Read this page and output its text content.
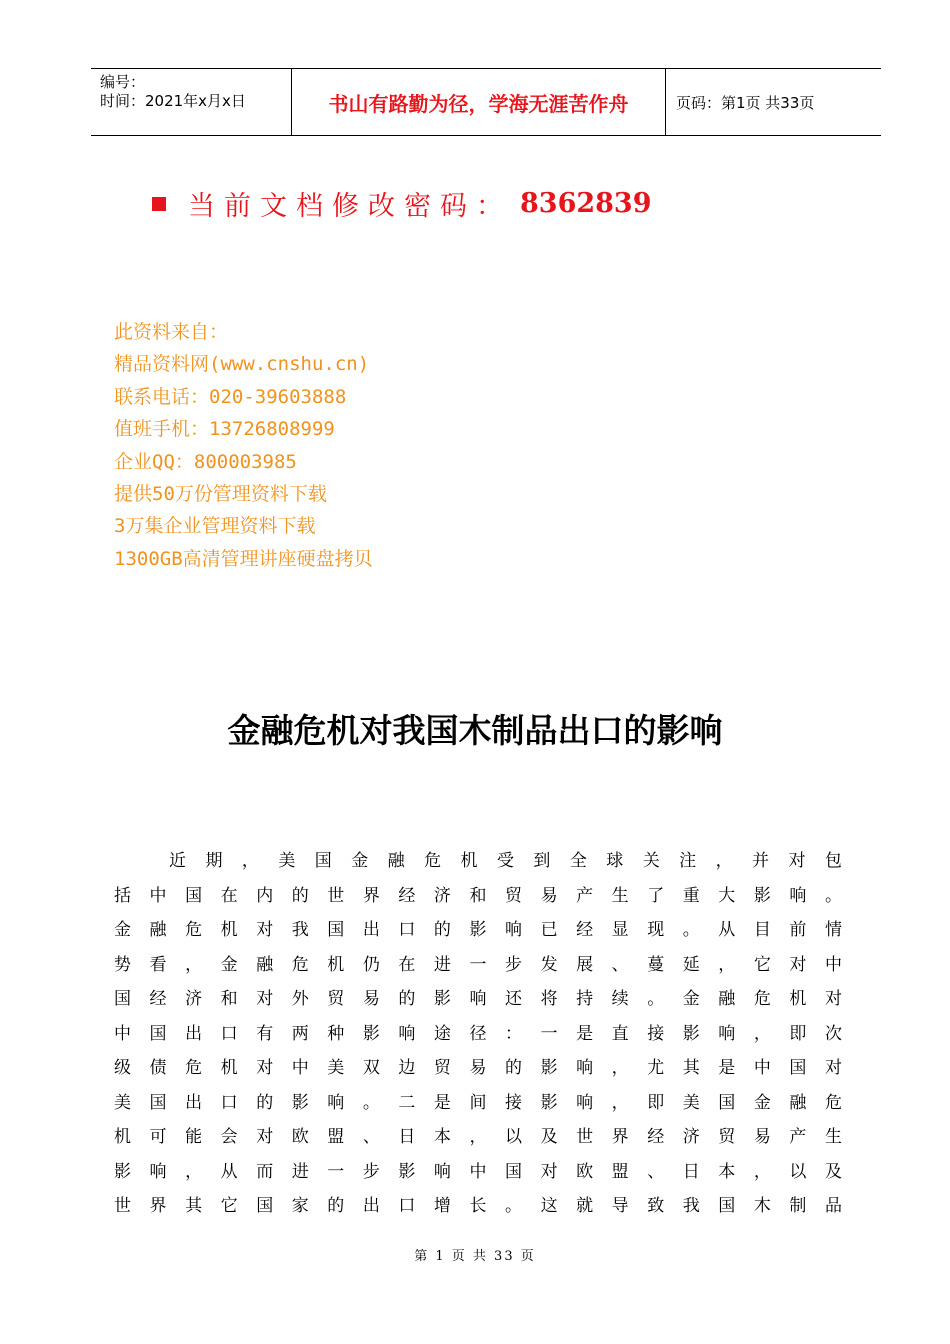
编号：
时间：2021年x月x日	书山有路勤为径，学海无涯苦作舟	页码：第1页 共33页
当前文档修改密码： 8362839
此资料来自：
精品资料网(www.cnshu.cn)
联系电话：020-39603888
值班手机：13726808999
企业QQ：800003985
提供50万份管理资料下载
3万集企业管理资料下载
1300GB高清管理讲座硬盘拷贝
金融危机对我国木制品出口的影响
近 期 ， 美 国 金 融 危 机 受 到 全 球 关 注 ， 并 对 包
括 中 国 在 内 的 世 界 经 济 和 贸 易 产 生 了 重 大 影 响 。
金 融 危 机 对 我 国 出 口 的 影 响 已 经 显 现 。 从 目 前 情
势 看 ， 金 融 危 机 仍 在 进 一 步 发 展 、 蔓 延 ， 它 对 中
国 经 济 和 对 外 贸 易 的 影 响 还 将 持 续 。 金 融 危 机 对
中 国 出 口 有 两 种 影 响 途 径 ： 一 是 直 接 影 响 ， 即 次
级 债 危 机 对 中 美 双 边 贸 易 的 影 响 ， 尤 其 是 中 国 对
美 国 出 口 的 影 响 。 二 是 间 接 影 响 ， 即 美 国 金 融 危
机 可 能 会 对 欧 盟 、 日 本 ， 以 及 世 界 经 济 贸 易 产 生
影 响 ， 从 而 进 一 步 影 响 中 国 对 欧 盟 、 日 本 ， 以 及
世 界 其 它 国 家 的 出 口 增 长 。 这 就 导 致 我 国 木 制 品
第 1 页 共 33 页
